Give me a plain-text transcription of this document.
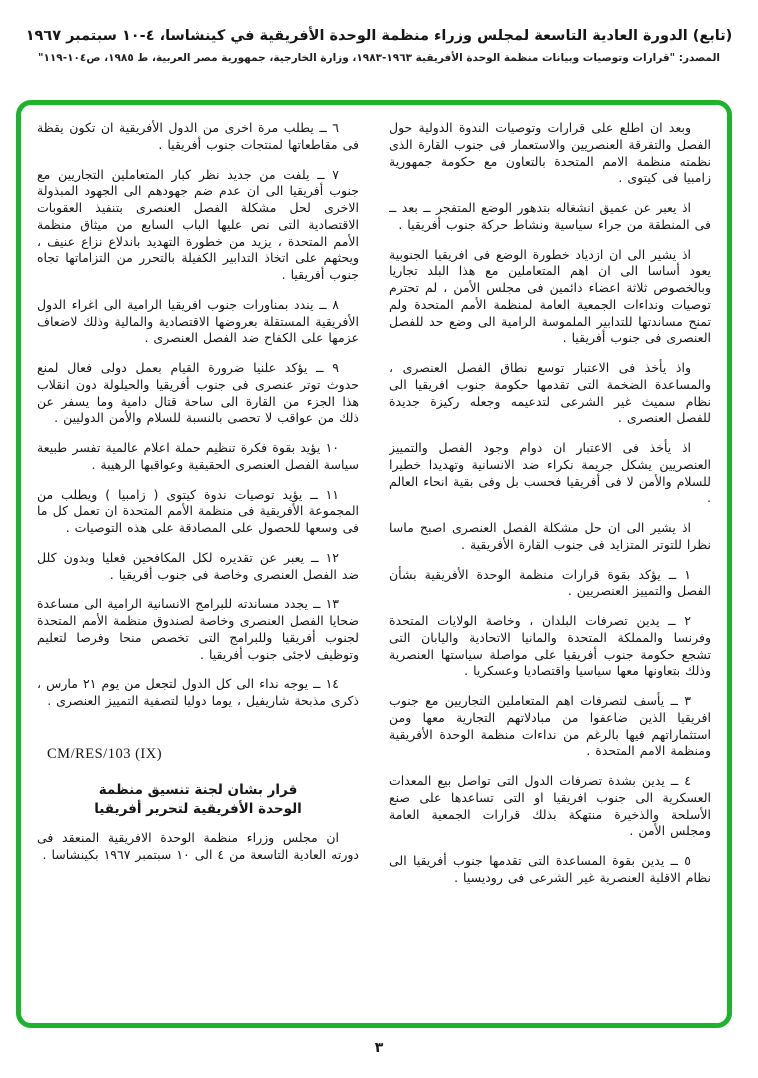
(تابع) الدورة العادية التاسعة لمجلس وزراء منظمة الوحدة الأفريقية في كينشاسا، ٤-١٠ سبتمبر ١٩٦٧
المصدر: "قرارات وتوصيات وبيانات منظمة الوحدة الأفريقية ١٩٦٣-١٩٨٣، وزارة الخارجية، جمهورية مصر العربية، ط ١٩٨٥، ص١٠٤-١١٩"
وبعد ان اطلع على قرارات وتوصيات الندوة الدولية حول الفصل والتفرقة العنصريين والاستعمار فى جنوب القارة الذى نظمته منظمة الامم المتحدة بالتعاون مع حكومة جمهورية زامبيا فى كيتوى .
اذ يعبر عن عميق انشغاله بتدهور الوضع المتفجر ــ بعد ــ فى المنطقة من جراء سياسية ونشاط حركة جنوب أفريقيا .
اذ يشير الى ان ازدياد خطورة الوضع فى افريقيا الجنوبية يعود أساسا الى ان اهم المتعاملين مع هذا البلد تجاريا وبالخصوص ثلاثة اعضاء دائمين فى مجلس الأمن ، لم تحترم توصيات ونداءات الجمعية العامة لمنظمة الأمم المتحدة ولم تمنح مساندتها للتدابير الملموسة الرامية الى وضع حد للفصل العنصرى فى جنوب أفريقيا .
واذ يأخذ فى الاعتبار توسع نطاق الفصل العنصرى ، والمساعدة الضخمة التى تقدمها حكومة جنوب افريقيا الى نظام سميث غير الشرعى لتدعيمه وجعله ركيزة جديدة للفصل العنصرى .
اذ يأخذ فى الاعتبار ان دوام وجود الفصل والتمييز العنصريين يشكل جريمة نكراء ضد الانسانية وتهديدا خطيرا للسلام والأمن لا فى أفريقيا فحسب بل وفى بقية انحاء العالم .
اذ يشير الى ان حل مشكلة الفصل العنصرى اصبح ماسا نظرا للتوتر المتزايد فى جنوب القارة الأفريقية .
١ ــ يؤكد بقوة قرارات منظمة الوحدة الأفريقية بشأن الفصل والتمييز العنصريين .
٢ ــ يدين تصرفات البلدان ، وخاصة الولايات المتحدة وفرنسا والمملكة المتحدة والمانيا الاتحادية واليابان التى تشجع حكومة جنوب أفريقيا على مواصلة سياستها العنصرية وذلك بتعاونها معها سياسيا واقتصاديا وعسكريا .
٣ ــ يأسف لتصرفات اهم المتعاملين التجاريين مع جنوب افريقيا الذين ضاعفوا من مبادلاتهم التجارية معها ومن استثماراتهم فيها بالرغم من نداءات منظمة الوحدة الأفريقية ومنظمة الامم المتحدة .
٤ ــ يدين بشدة تصرفات الدول التى تواصل بيع المعدات العسكرية الى جنوب افريقيا او التى تساعدها على صنع الأسلحة والذخيرة منتهكة بذلك قرارات الجمعية العامة ومجلس الأمن .
٥ ــ يدين بقوة المساعدة التى تقدمها جنوب أفريقيا الى نظام الاقلية العنصرية غير الشرعى فى روديسيا .
٦ ــ يطلب مرة اخرى من الدول الأفريقية ان تكون يقظة فى مقاطعاتها لمنتجات جنوب أفريقيا .
٧ ــ يلفت من جديد نظر كبار المتعاملين التجاريين مع جنوب أفريقيا الى ان عدم ضم جهودهم الى الجهود المبذولة الاخرى لحل مشكلة الفصل العنصرى بتنفيذ العقوبات الاقتصادية التى نص عليها الباب السابع من ميثاق منظمة الأمم المتحدة ، يزيد من خطورة التهديد باندلاع نزاع عنيف ، ويحثهم على اتخاذ التدابير الكفيلة بالتحرر من التزاماتها تجاه جنوب أفريقيا .
٨ ــ يندد بمناورات جنوب افريقيا الرامية الى اغراء الدول الأفريقية المستقلة بعروضها الاقتصادية والمالية وذلك لاضعاف عزمها على الكفاح ضد الفصل العنصرى .
٩ ــ يؤكد علنيا ضرورة القيام بعمل دولى فعال لمنع حدوث توتر عنصرى فى جنوب أفريقيا والحيلولة دون انقلاب هذا الجزء من القارة الى ساحة قتال دامية وما يسفر عن ذلك من عواقب لا تحصى بالنسبة للسلام والأمن الدوليين .
١٠ يؤيد بقوة فكرة تنظيم حملة اعلام عالمية تفسر طبيعة سياسة الفصل العنصرى الحقيقية وعواقبها الرهيبة .
١١ ــ يؤيد توصيات ندوة كيتوى ( زامبيا ) ويطلب من المجموعة الأفريقية فى منظمة الأمم المتحدة ان تعمل كل ما فى وسعها للحصول على المصادقة على هذه التوصيات .
١٢ ــ يعبر عن تقديره لكل المكافحين فعليا وبدون كلل ضد الفصل العنصرى وخاصة فى جنوب أفريقيا .
١٣ ــ يجدد مساندته للبرامج الانسانية الرامية الى مساعدة ضحايا الفصل العنصرى وخاصة لصندوق منظمة الأمم المتحدة لجنوب أفريقيا وللبرامج التى تخصص منحا وفرصا لتعليم وتوظيف لاجئى جنوب أفريقيا .
١٤ ــ يوجه نداء الى كل الدول لتجعل من يوم ٢١ مارس ، ذكرى مذبحة شاريفيل ، يوما دوليا لتصفية التمييز العنصرى .
CM/RES/103 (IX)
قرار بشان لجنة تنسيق منظمة الوحدة الأفريقية لتحرير أفريقيا
ان مجلس وزراء منظمة الوحدة الافريقية المنعقد فى دورته العادية التاسعة من ٤ الى ١٠ سبتمبر ١٩٦٧ بكينشاسا .
٣
